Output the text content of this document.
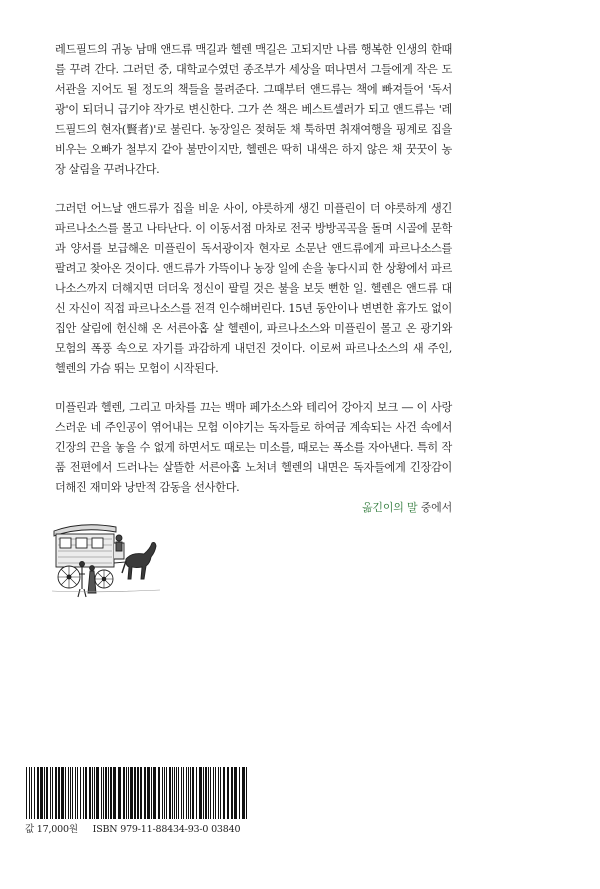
레드필드의 귀농 남매 앤드류 맥길과 헬렌 맥길은 고되지만 나름 행복한 인생의 한때를 꾸려 간다. 그러던 중, 대학교수였던 종조부가 세상을 떠나면서 그들에게 작은 도서관을 지어도 될 정도의 책들을 물려준다. 그때부터 앤드류는 책에 빠져들어 '독서광'이 되더니 급기야 작가로 변신한다. 그가 쓴 책은 베스트셀러가 되고 앤드류는 '레드필드의 현자(賢者)'로 불린다. 농장일은 젖혀둔 채 툭하면 취재여행을 핑계로 집을 비우는 오빠가 철부지 같아 불만이지만, 헬렌은 딱히 내색은 하지 않은 채 꿋꿋이 농장 살림을 꾸려나간다.

그러던 어느날 앤드류가 집을 비운 사이, 야릇하게 생긴 미플린이 더 야릇하게 생긴 파르나소스를 몰고 나타난다. 이 이동서점 마차로 전국 방방곡곡을 돌며 시골에 문학과 양서를 보급해온 미플린이 독서광이자 현자로 소문난 앤드류에게 파르나소스를 팔려고 찾아온 것이다. 앤드류가 가뜩이나 농장 일에 손을 놓다시피 한 상황에서 파르나소스까지 더해지면 더더욱 정신이 팔릴 것은 불을 보듯 뻔한 일. 헬렌은 앤드류 대신 자신이 직접 파르나소스를 전격 인수해버린다. 15년 동안이나 변변한 휴가도 없이 집안 살림에 헌신해 온 서른아홉 살 헬렌이, 파르나소스와 미플린이 몰고 온 광기와 모험의 폭풍 속으로 자기를 과감하게 내던진 것이다. 이로써 파르나소스의 새 주인, 헬렌의 가슴 뛰는 모험이 시작된다.

미플린과 헬렌, 그리고 마차를 끄는 백마 페가소스와 테리어 강아지 보크 ― 이 사랑스러운 네 주인공이 엮어내는 모험 이야기는 독자들로 하여금 계속되는 사건 속에서 긴장의 끈을 놓을 수 없게 하면서도 때로는 미소를, 때로는 폭소를 자아낸다. 특히 작품 전편에서 드러나는 살뜰한 서른아홉 노처녀 헬렌의 내면은 독자들에게 긴장감이 더해진 재미와 낭만적 감동을 선사한다.

옮긴이의 말 중에서
값 17,000원 ISBN 979-11-88434-93-0 03840
